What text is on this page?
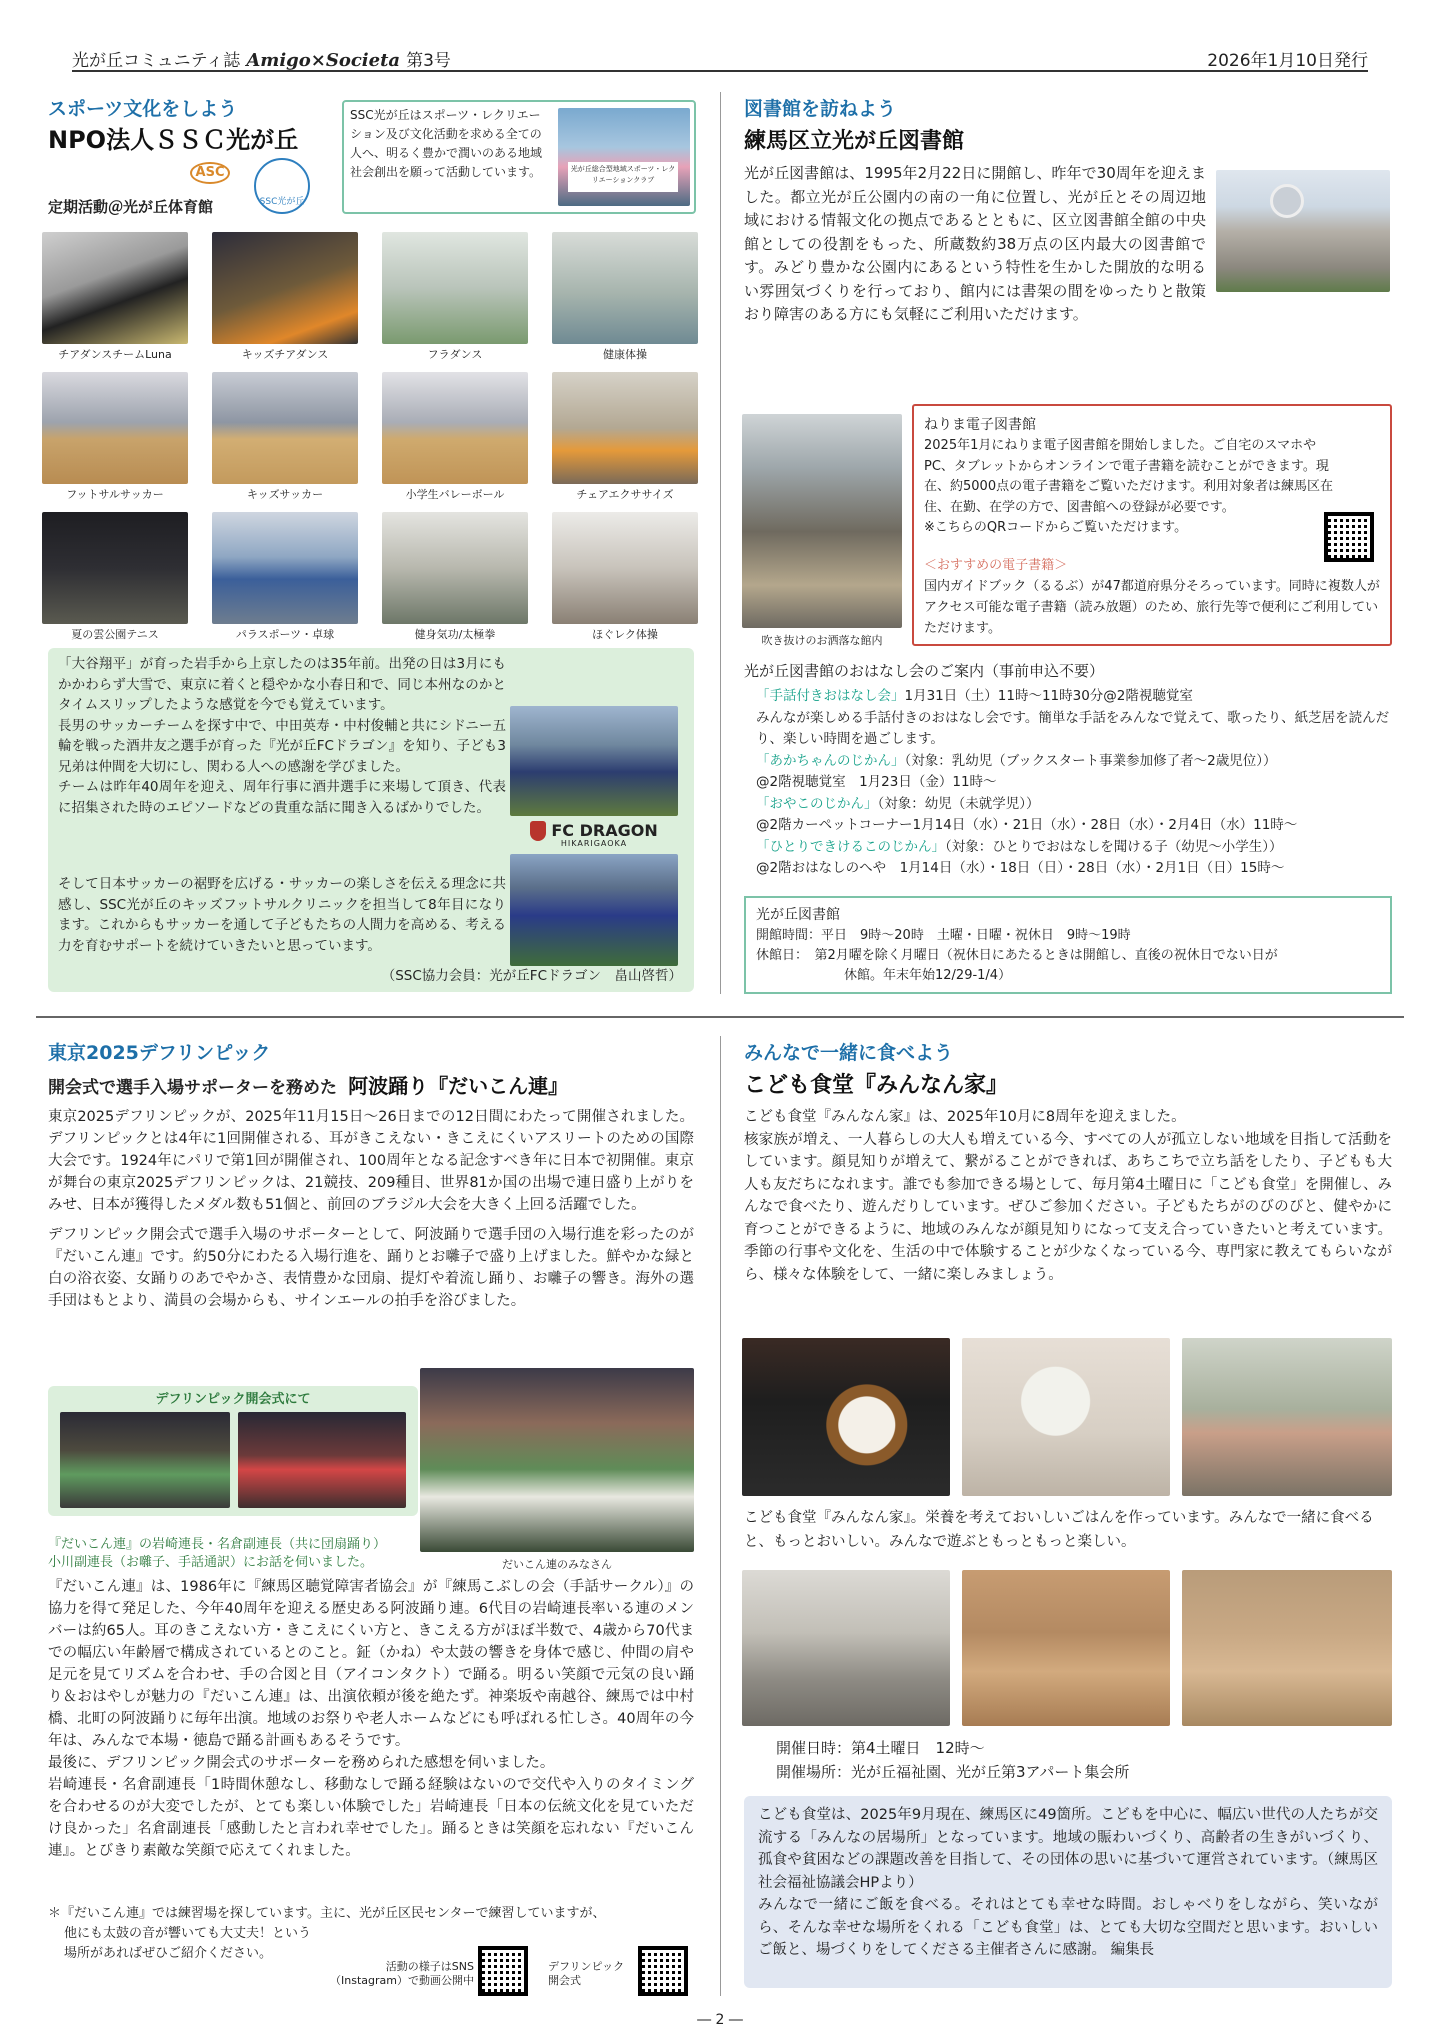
光が丘コミュニティ誌 Amigo×Societa 第3号	2026年1月10日発行
スポーツ文化をしよう
NPO法人ＳＳＣ光が丘
ASC
SSC光が丘
定期活動＠光が丘体育館
SSC光が丘はスポーツ・レクリエーション及び文化活動を求める全ての人へ、明るく豊かで潤いのある地域社会創出を願って活動しています。	光が丘総合型地域スポーツ・レクリエーションクラブ
チアダンスチームLuna	キッズチアダンス	フラダンス	健康体操
フットサルサッカー	キッズサッカー	小学生バレーボール	チェアエクササイズ
夏の雲公園テニス	パラスポーツ・卓球	健身気功/太極拳	ほぐレク体操

「大谷翔平」が育った岩手から上京したのは35年前。出発の日は3月にもかかわらず大雪で、東京に着くと穏やかな小春日和で、同じ本州なのかとタイムスリップしたような感覚を今でも覚えています。

長男のサッカーチームを探す中で、中田英寿・中村俊輔と共にシドニー五輪を戦った酒井友之選手が育った『光が丘FCドラゴン』を知り、子ども3兄弟は仲間を大切にし、関わる人への感謝を学びました。

チームは昨年40周年を迎え、周年行事に酒井選手に来場して頂き、代表に招集された時のエピソードなどの貴重な話に聞き入るばかりでした。

そして日本サッカーの裾野を広げる・サッカーの楽しさを伝える理念に共感し、SSC光が丘のキッズフットサルクリニックを担当して8年目になります。これからもサッカーを通して子どもたちの人間力を高める、考える力を育むサポートを続けていきたいと思っています。

（SSC協力会員：光が丘FCドラゴン　畠山啓哲）
FC DRAGON
HIKARIGAOKA
図書館を訪ねよう
練馬区立光が丘図書館

光が丘図書館は、1995年2月22日に開館し、昨年で30周年を迎えました。都立光が丘公園内の南の一角に位置し、光が丘とその周辺地域における情報文化の拠点であるとともに、区立図書館全館の中央館としての役割をもった、所蔵数約38万点の区内最大の図書館です。みどり豊かな公園内にあるという特性を生かした開放的な明るい雰囲気づくりを行っており、館内には書架の間をゆったりと散策

おり障害のある方にも気軽にご利用いただけます。

吹き抜けのお洒落な館内
ねりま電子図書館
2025年1月にねりま電子図書館を開始しました。ご自宅のスマホやPC、タブレットからオンラインで電子書籍を読むことができます。現在、約5000点の電子書籍をご覧いただけます。利用対象者は練馬区在住、在勤、在学の方で、図書館への登録が必要です。
※こちらのQRコードからご覧いただけます。
＜おすすめの電子書籍＞
国内ガイドブック（るるぶ）が47都道府県分そろっています。同時に複数人がアクセス可能な電子書籍（読み放題）のため、旅行先等で便利にご利用していただけます。
光が丘図書館のおはなし会のご案内（事前申込不要）
「手話付きおはなし会」1月31日（土）11時～11時30分@2階視聴覚室
みんなが楽しめる手話付きのおはなし会です。簡単な手話をみんなで覚えて、歌ったり、紙芝居を読んだり、楽しい時間を過ごします。
「あかちゃんのじかん」（対象：乳幼児（ブックスタート事業参加修了者～2歳児位））
@2階視聴覚室　1月23日（金）11時～
「おやこのじかん」（対象：幼児（未就学児））
@2階カーペットコーナー1月14日（水）・21日（水）・28日（水）・2月4日（水）11時～
「ひとりできけるこのじかん」（対象：ひとりでおはなしを聞ける子（幼児～小学生））
@2階おはなしのへや　1月14日（水）・18日（日）・28日（水）・2月1日（日）15時～
光が丘図書館
開館時間：平日　9時～20時　土曜・日曜・祝休日　9時～19時
休館日：　第2月曜を除く月曜日（祝休日にあたるときは開館し、直後の祝休日でない日が
休館。年末年始12/29-1/4）
東京2025デフリンピック
開会式で選手入場サポーターを務めた 阿波踊り『だいこん連』

東京2025デフリンピックが、2025年11月15日～26日までの12日間にわたって開催されました。デフリンピックとは4年に1回開催される、耳がきこえない・きこえにくいアスリートのための国際大会です。1924年にパリで第1回が開催され、100周年となる記念すべき年に日本で初開催。東京が舞台の東京2025デフリンピックは、21競技、209種目、世界81か国の出場で連日盛り上がりをみせ、日本が獲得したメダル数も51個と、前回のブラジル大会を大きく上回る活躍でした。

デフリンピック開会式で選手入場のサポーターとして、阿波踊りで選手団の入場行進を彩ったのが『だいこん連』です。約50分にわたる入場行進を、踊りとお囃子で盛り上げました。鮮やかな緑と白の浴衣姿、女踊りのあでやかさ、表情豊かな団扇、提灯や着流し踊り、お囃子の響き。海外の選手団はもとより、満員の会場からも、サインエールの拍手を浴びました。

デフリンピック開会式にて
だいこん連のみなさん
『だいこん連』の岩崎連長・名倉副連長（共に団扇踊り）
小川副連長（お囃子、手話通訳）にお話を伺いました。

『だいこん連』は、1986年に『練馬区聴覚障害者協会』が『練馬こぶしの会（手話サークル）』の協力を得て発足した、今年40周年を迎える歴史ある阿波踊り連。6代目の岩崎連長率いる連のメンバーは約65人。耳のきこえない方・きこえにくい方と、きこえる方がほぼ半数で、4歳から70代までの幅広い年齢層で構成されているとのこと。鉦（かね）や太鼓の響きを身体で感じ、仲間の肩や足元を見てリズムを合わせ、手の合図と目（アイコンタクト）で踊る。明るい笑顔で元気の良い踊り＆おはやしが魅力の『だいこん連』は、出演依頼が後を絶たず。神楽坂や南越谷、練馬では中村橋、北町の阿波踊りに毎年出演。地域のお祭りや老人ホームなどにも呼ばれる忙しさ。40周年の今年は、みんなで本場・徳島で踊る計画もあるそうです。

最後に、デフリンピック開会式のサポーターを務められた感想を伺いました。

岩崎連長・名倉副連長「1時間休憩なし、移動なしで踊る経験はないので交代や入りのタイミングを合わせるのが大変でしたが、とても楽しい体験でした」岩崎連長「日本の伝統文化を見ていただけ良かった」名倉副連長「感動したと言われ幸せでした」。踊るときは笑顔を忘れない『だいこん連』。とびきり素敵な笑顔で応えてくれました。

＊『だいこん連』では練習場を探しています。主に、光が丘区民センターで練習していますが、
他にも太鼓の音が響いても大丈夫！という
場所があればぜひご紹介ください。
活動の様子はSNS
（Instagram）で動画公開中
デフリンピック
開会式
みんなで一緒に食べよう
こども食堂『みんなん家』

こども食堂『みんなん家』は、2025年10月に8周年を迎えました。

核家族が増え、一人暮らしの大人も増えている今、すべての人が孤立しない地域を目指して活動をしています。顔見知りが増えて、繋がることができれば、あちこちで立ち話をしたり、子どもも大人も友だちになれます。誰でも参加できる場として、毎月第4土曜日に「こども食堂」を開催し、みんなで食べたり、遊んだりしています。ぜひご参加ください。子どもたちがのびのびと、健やかに育つことができるように、地域のみんなが顔見知りになって支え合っていきたいと考えています。季節の行事や文化を、生活の中で体験することが少なくなっている今、専門家に教えてもらいながら、様々な体験をして、一緒に楽しみましょう。

こども食堂『みんなん家』。栄養を考えておいしいごはんを作っています。みんなで一緒に食べると、もっとおいしい。みんなで遊ぶともっともっと楽しい。
開催日時：第4土曜日　12時～
開催場所：光が丘福祉園、光が丘第3アパート集会所

こども食堂は、2025年9月現在、練馬区に49箇所。こどもを中心に、幅広い世代の人たちが交流する「みんなの居場所」となっています。地域の賑わいづくり、高齢者の生きがいづくり、孤食や貧困などの課題改善を目指して、その団体の思いに基づいて運営されています。（練馬区社会福祉協議会HPより）

みんなで一緒にご飯を食べる。それはとても幸せな時間。おしゃべりをしながら、笑いながら、そんな幸せな場所をくれる「こども食堂」は、とても大切な空間だと思います。おいしいご飯と、場づくりをしてくださる主催者さんに感謝。 編集長

― 2 ―
